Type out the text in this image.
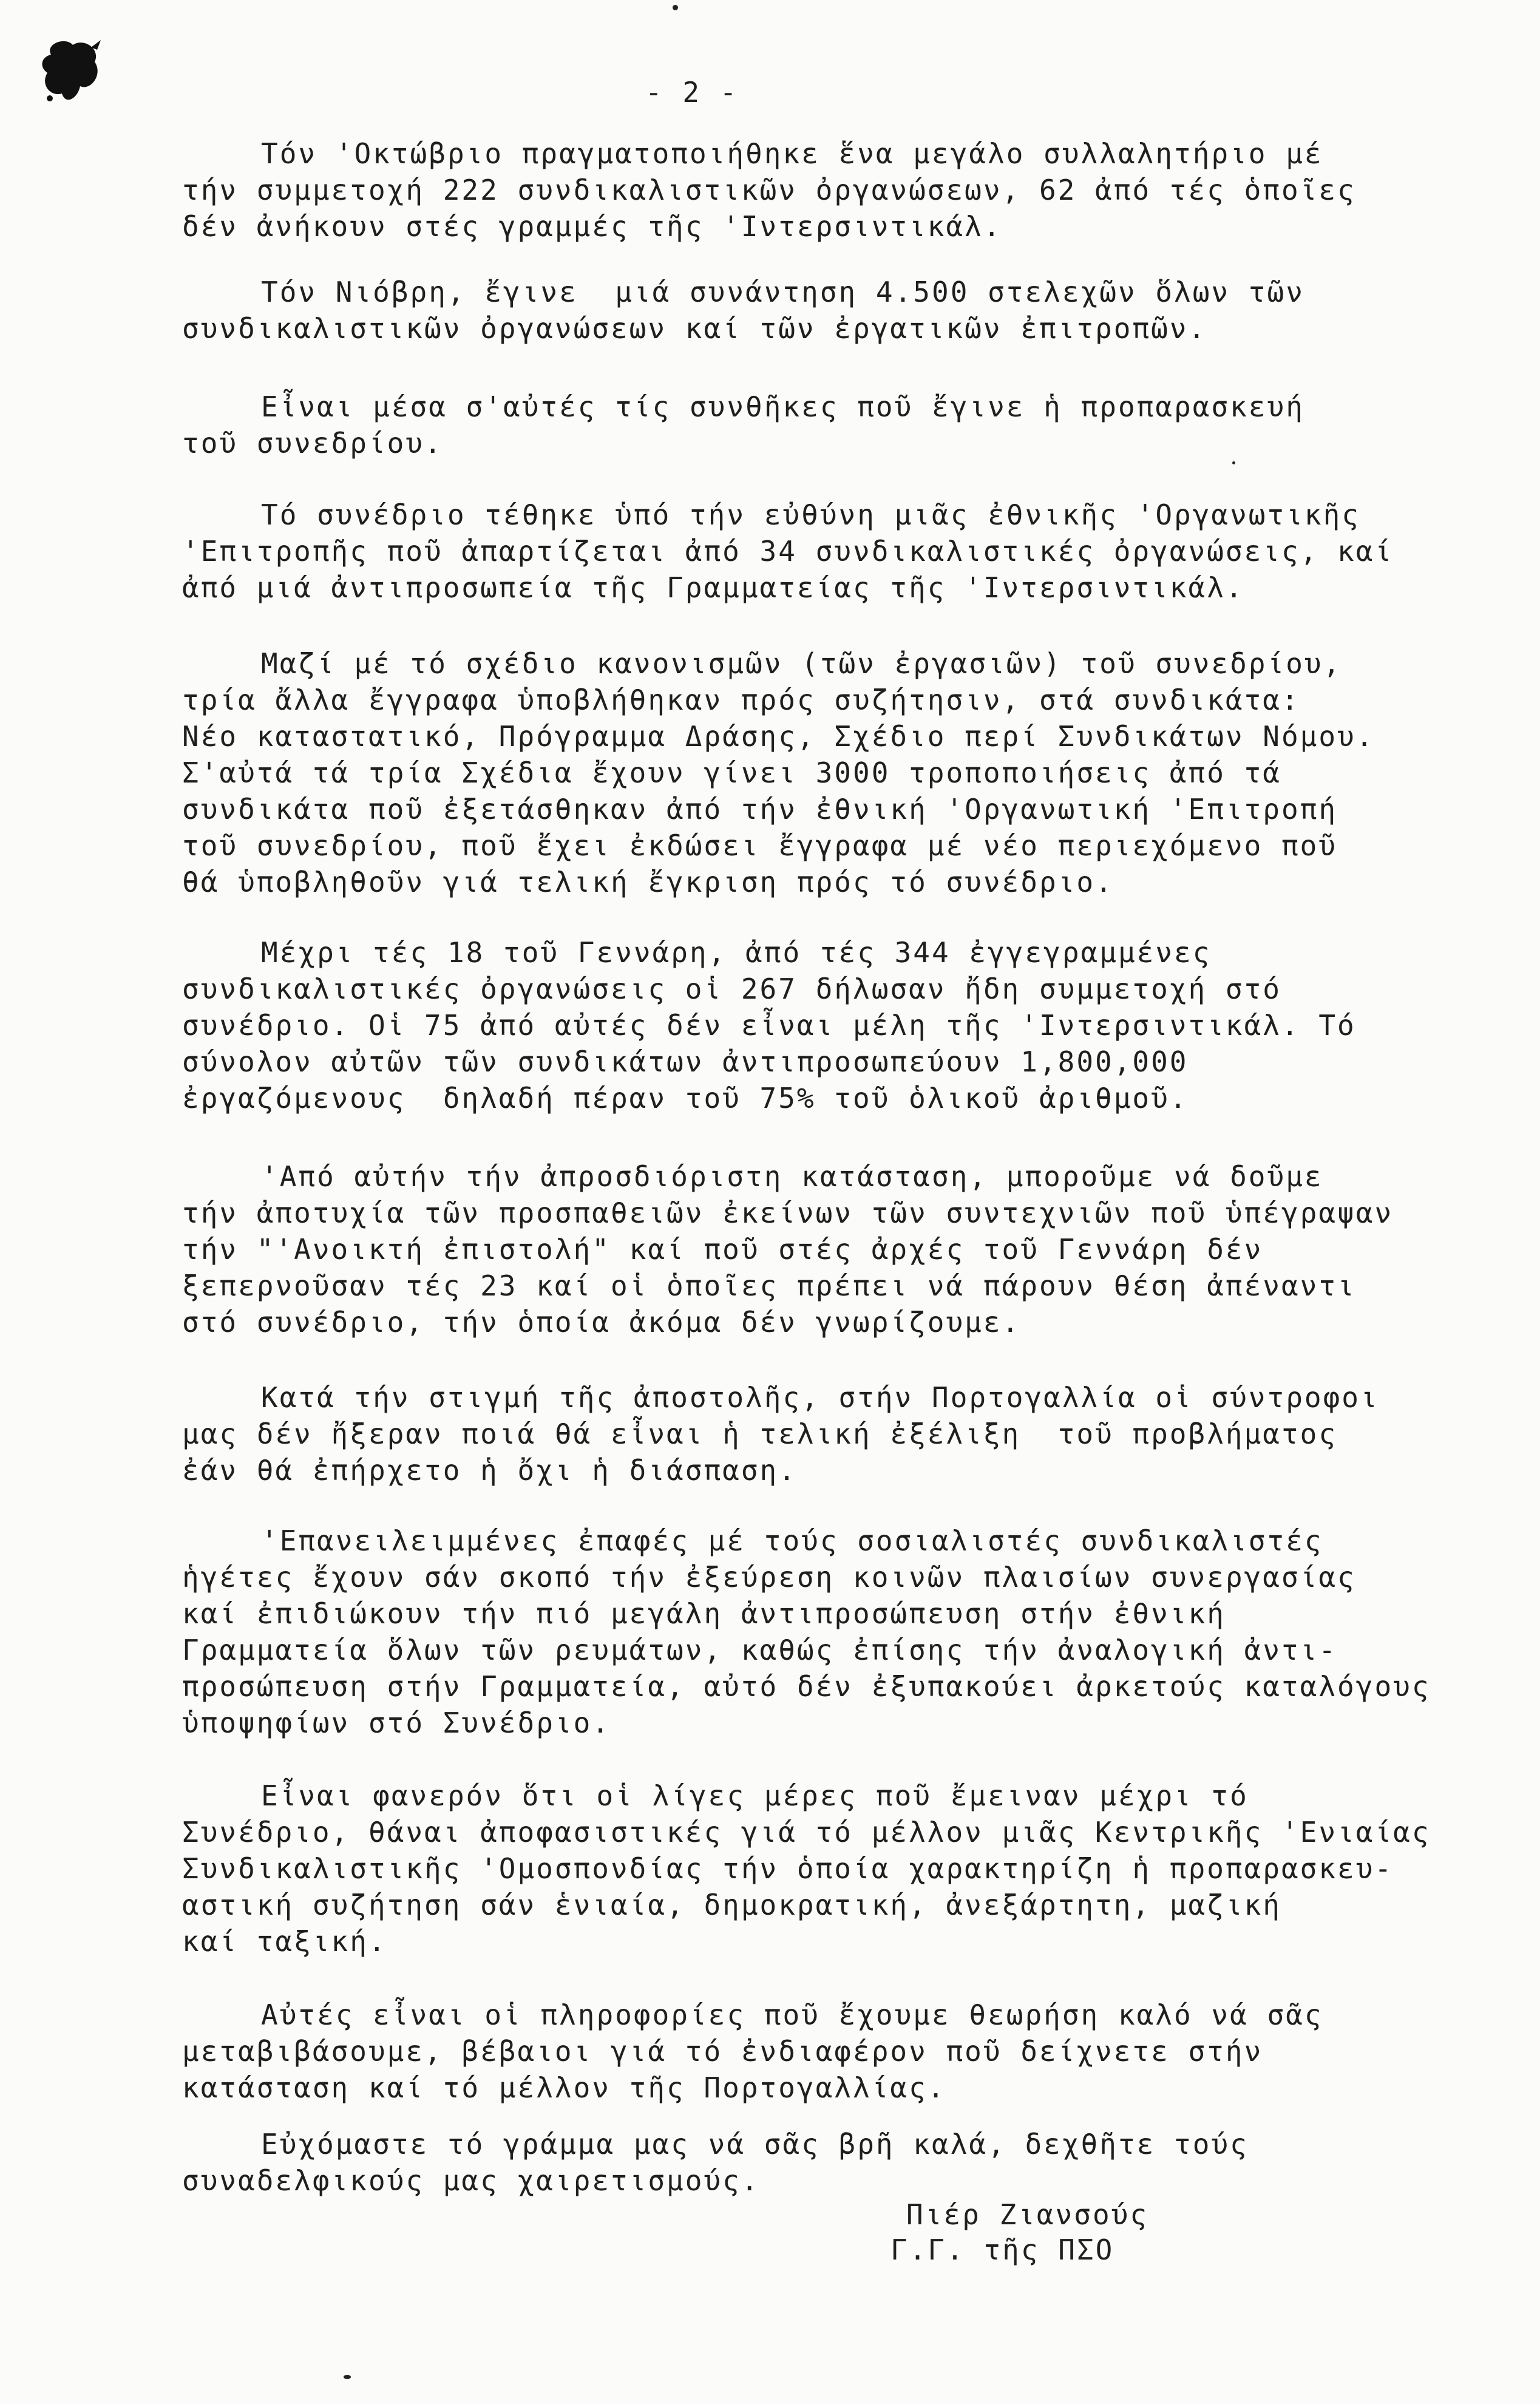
- 2 -
Τόν 'Οκτώβριο πραγματοποιήθηκε ἕνα μεγάλο συλλαλητήριο μέ
τήν συμμετοχή 222 συνδικαλιστικῶν ὀργανώσεων, 62 ἀπό τές ὁποῖες
δέν ἀνήκουν στές γραμμές τῆς 'Ιντερσιντικάλ.
Τόν Νιόβρη, ἔγινε  μιά συνάντηση 4.500 στελεχῶν ὅλων τῶν
συνδικαλιστικῶν ὀργανώσεων καί τῶν ἐργατικῶν ἐπιτροπῶν.
Εἶναι μέσα σ'αὐτές τίς συνθῆκες ποῦ ἔγινε ἡ προπαρασκευή
τοῦ συνεδρίου.
Τό συνέδριο τέθηκε ὑπό τήν εὐθύνη μιᾶς ἐθνικῆς 'Οργανωτικῆς
'Επιτροπῆς ποῦ ἀπαρτίζεται ἀπό 34 συνδικαλιστικές ὀργανώσεις, καί
ἀπό μιά ἀντιπροσωπεία τῆς Γραμματείας τῆς 'Ιντερσιντικάλ.
Μαζί μέ τό σχέδιο κανονισμῶν (τῶν ἐργασιῶν) τοῦ συνεδρίου,
τρία ἄλλα ἔγγραφα ὑποβλήθηκαν πρός συζήτησιν, στά συνδικάτα:
Νέο καταστατικό, Πρόγραμμα Δράσης, Σχέδιο περί Συνδικάτων Νόμου.
Σ'αὐτά τά τρία Σχέδια ἔχουν γίνει 3000 τροποποιήσεις ἀπό τά
συνδικάτα ποῦ ἐξετάσθηκαν ἀπό τήν ἐθνική 'Οργανωτική 'Επιτροπή
τοῦ συνεδρίου, ποῦ ἔχει ἐκδώσει ἔγγραφα μέ νέο περιεχόμενο ποῦ
θά ὑποβληθοῦν γιά τελική ἔγκριση πρός τό συνέδριο.
Μέχρι τές 18 τοῦ Γεννάρη, ἀπό τές 344 ἐγγεγραμμένες
συνδικαλιστικές ὀργανώσεις οἱ 267 δήλωσαν ἤδη συμμετοχή στό
συνέδριο. Οἱ 75 ἀπό αὐτές δέν εἶναι μέλη τῆς 'Ιντερσιντικάλ. Τό
σύνολον αὐτῶν τῶν συνδικάτων ἀντιπροσωπεύουν 1,800,000
ἐργαζόμενους  δηλαδή πέραν τοῦ 75% τοῦ ὁλικοῦ ἀριθμοῦ.
'Από αὐτήν τήν ἀπροσδιόριστη κατάσταση, μποροῦμε νά δοῦμε
τήν ἀποτυχία τῶν προσπαθειῶν ἐκείνων τῶν συντεχνιῶν ποῦ ὑπέγραψαν
τήν "'Ανοικτή ἐπιστολή" καί ποῦ στές ἀρχές τοῦ Γεννάρη δέν
ξεπερνοῦσαν τές 23 καί οἱ ὁποῖες πρέπει νά πάρουν θέση ἀπέναντι
στό συνέδριο, τήν ὁποία ἀκόμα δέν γνωρίζουμε.
Κατά τήν στιγμή τῆς ἀποστολῆς, στήν Πορτογαλλία οἱ σύντροφοι
μας δέν ἤξεραν ποιά θά εἶναι ἡ τελική ἐξέλιξη  τοῦ προβλήματος
ἐάν θά ἐπήρχετο ἡ ὄχι ἡ διάσπαση.
'Επανειλειμμένες ἐπαφές μέ τούς σοσιαλιστές συνδικαλιστές
ἡγέτες ἔχουν σάν σκοπό τήν ἐξεύρεση κοινῶν πλαισίων συνεργασίας
καί ἐπιδιώκουν τήν πιό μεγάλη ἀντιπροσώπευση στήν ἐθνική
Γραμματεία ὅλων τῶν ρευμάτων, καθώς ἐπίσης τήν ἀναλογική ἀντι-
προσώπευση στήν Γραμματεία, αὐτό δέν ἐξυπακούει ἀρκετούς καταλόγους
ὑποψηφίων στό Συνέδριο.
Εἶναι φανερόν ὅτι οἱ λίγες μέρες ποῦ ἔμειναν μέχρι τό
Συνέδριο, θάναι ἀποφασιστικές γιά τό μέλλον μιᾶς Κεντρικῆς 'Ενιαίας
Συνδικαλιστικῆς 'Ομοσπονδίας τήν ὁποία χαρακτηρίζη ἡ προπαρασκευ-
αστική συζήτηση σάν ἑνιαία, δημοκρατική, ἀνεξάρτητη, μαζική
καί ταξική.
Αὐτές εἶναι οἱ πληροφορίες ποῦ ἔχουμε θεωρήση καλό νά σᾶς
μεταβιβάσουμε, βέβαιοι γιά τό ἐνδιαφέρον ποῦ δείχνετε στήν
κατάσταση καί τό μέλλον τῆς Πορτογαλλίας.
Εὐχόμαστε τό γράμμα μας νά σᾶς βρῆ καλά, δεχθῆτε τούς
συναδελφικούς μας χαιρετισμούς.
Πιέρ Ζιανσούς
Γ.Γ. τῆς ΠΣΟ
